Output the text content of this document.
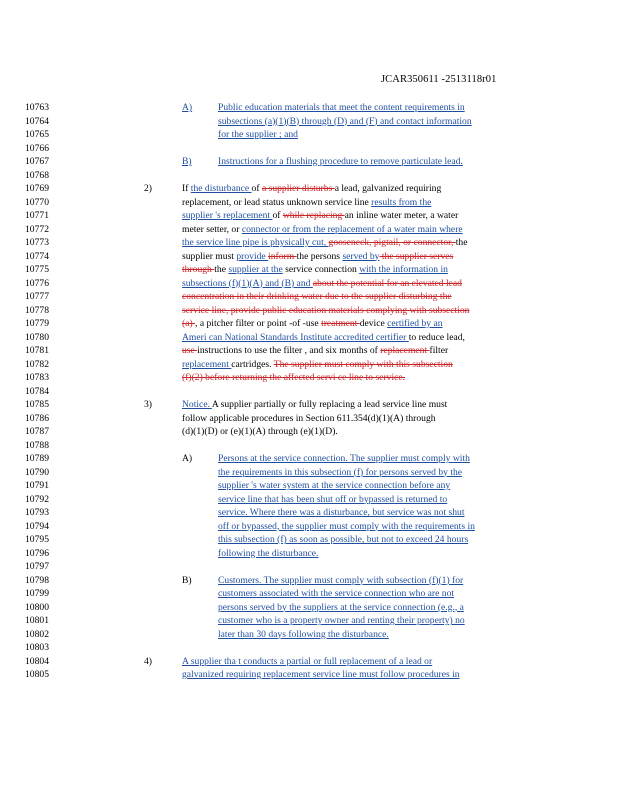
JCAR350611 -2513118r01
10763	A)	Public education materials that meet the content requirements in
10764	subsections (a)(1)(B) through (D) and (F) and contact information
10765	for the supplier ; and
10766
10767	B)	Instructions for a flushing procedure to remove particulate lead.
10768
10769	2)	If the disturbance of a supplier disturbs a lead, galvanized requiring
10770	replacement, or lead status unknown service line results from the
10771	supplier 's replacement of while replacing an inline water meter, a water
10772	meter setter, or connector or from the replacement of a water main where
10773	the service line pipe is physically cut, gooseneck, pigtail, or connector, the
10774	supplier must provide inform the persons served by the supplier serves
10775	through the supplier at the service connection with the information in
10776	subsections (f)(1)(A) and (B) and about the potential for an elevated lead
10777	concentration in their drinking water due to the supplier disturbing the
10778	service line, provide public education materials complying with subsection
10779	(a) , a pitcher filter or point -of -use treatment device certified by an
10780	Ameri can National Standards Institute accredited certifier to reduce lead,
10781	use instructions to use the filter , and six months of replacement filter
10782	replacement cartridges. The supplier must comply with this subsection
10783	(f)(2) before returning the affected servi ce line to service.
10784
10785	3)	Notice. A supplier partially or fully replacing a lead service line must
10786	follow applicable procedures in Section 611.354(d)(1)(A) through
10787	(d)(1)(D) or (e)(1)(A) through (e)(1)(D).
10788
10789	A)	Persons at the service connection. The supplier must comply with
10790	the requirements in this subsection (f) for persons served by the
10791	supplier 's water system at the service connection before any
10792	service line that has been shut off or bypassed is returned to
10793	service. Where there was a disturbance, but service was not shut
10794	off or bypassed, the supplier must comply with the requirements in
10795	this subsection (f) as soon as possible, but not to exceed 24 hours
10796	following the disturbance.
10797
10798	B)	Customers. The supplier must comply with subsection (f)(1) for
10799	customers associated with the service connection who are not
10800	persons served by the suppliers at the service connection (e.g., a
10801	customer who is a property owner and renting their property) no
10802	later than 30 days following the disturbance.
10803
10804	4)	A supplier tha t conducts a partial or full replacement of a lead or
10805	galvanized requiring replacement service line must follow procedures in
